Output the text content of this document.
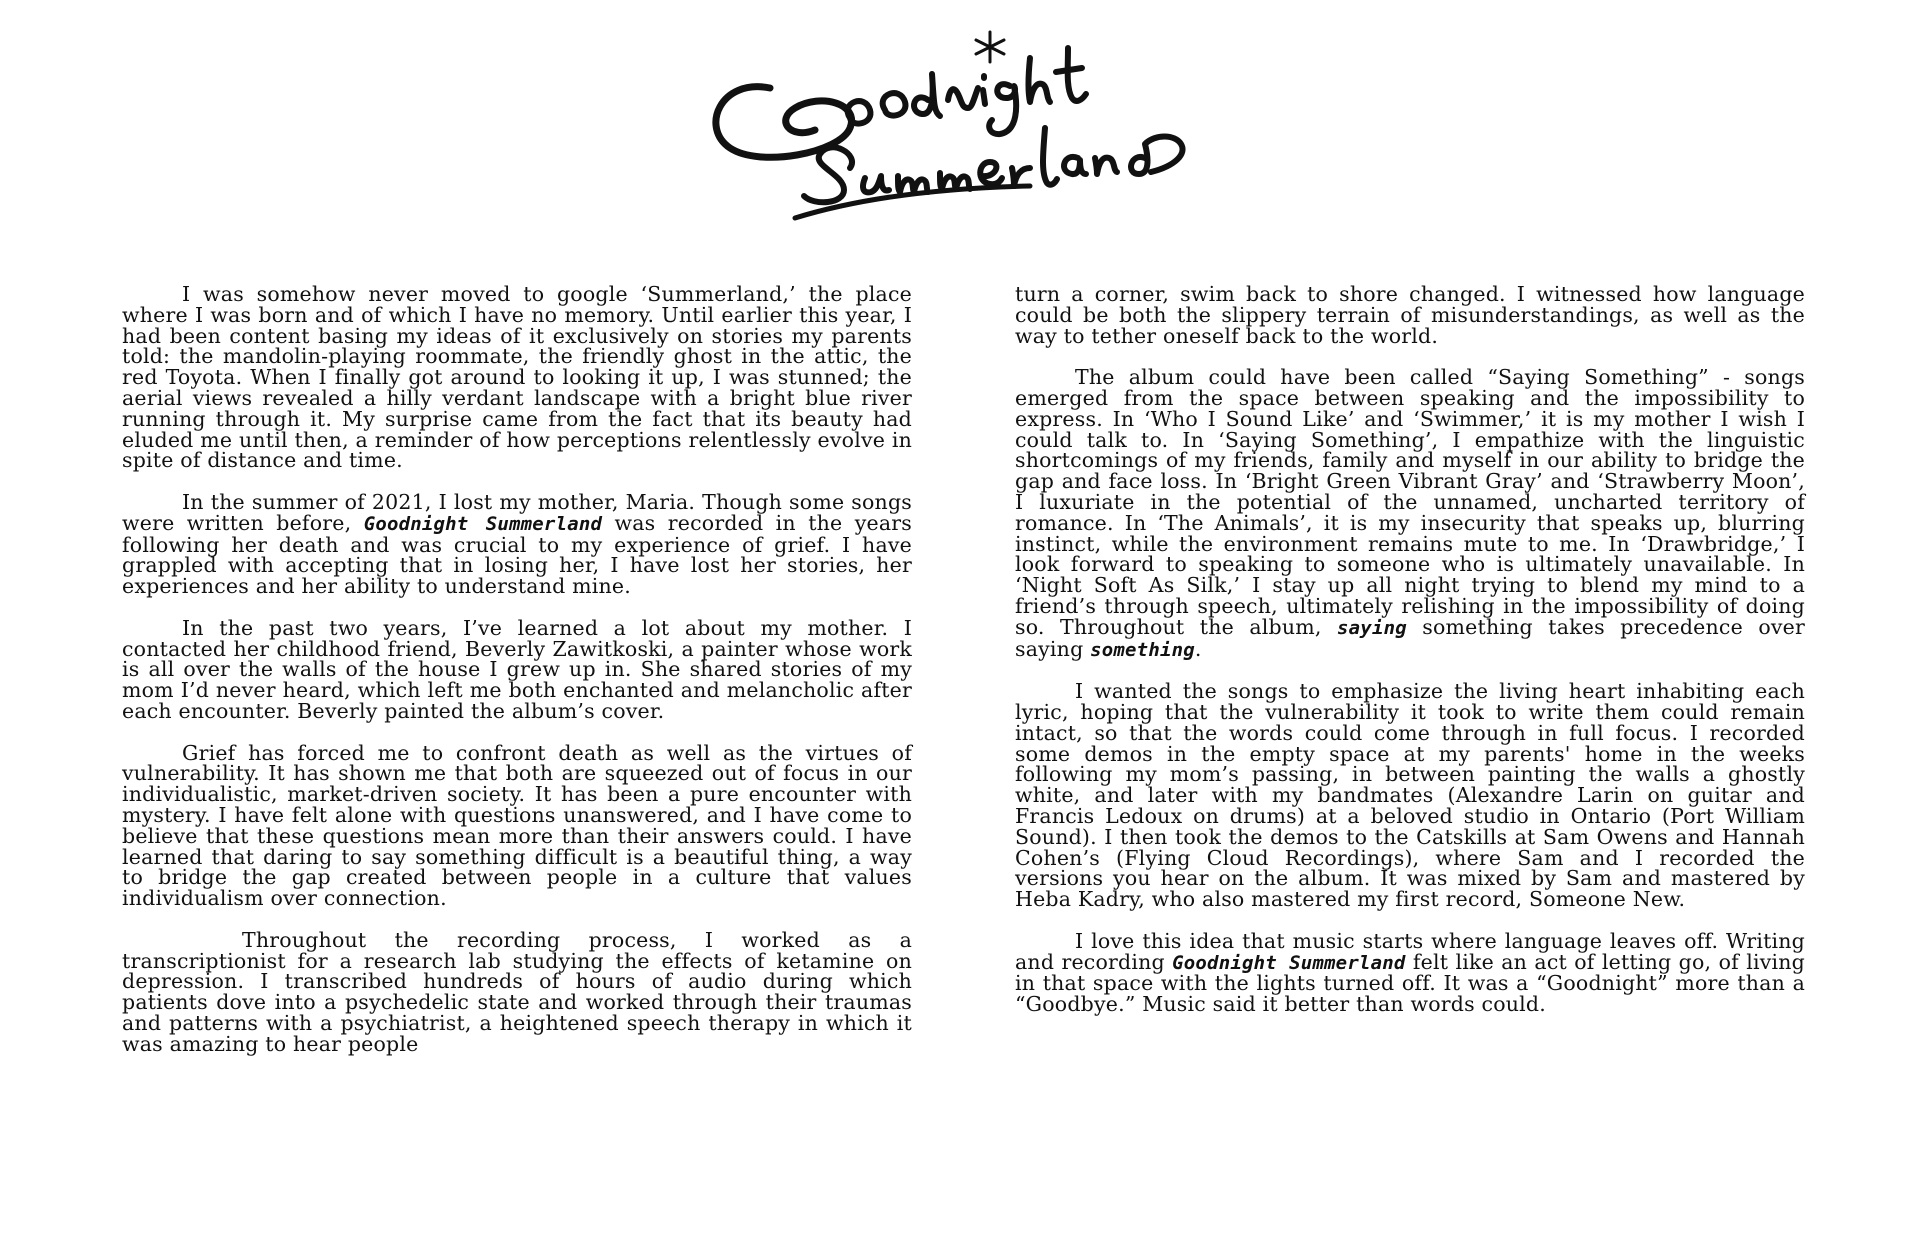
I was somehow never moved to google ‘Summerland,’ the place where I was born and of which I have no memory. Until earlier this year, I had been content basing my ideas of it exclusively on stories my parents told: the mandolin-playing roommate, the friendly ghost in the attic, the red Toyota. When I finally got around to looking it up, I was stunned; the aerial views revealed a hilly verdant landscape with a bright blue river running through it. My surprise came from the fact that its beauty had eluded me until then, a reminder of how perceptions relentlessly evolve in spite of distance and time.

In the summer of 2021, I lost my mother, Maria. Though some songs were written before, Goodnight Summerland was recorded in the years following her death and was crucial to my experience of grief. I have grappled with accepting that in losing her, I have lost her stories, her experiences and her ability to understand mine.

In the past two years, I’ve learned a lot about my mother. I contacted her childhood friend, Beverly Zawitkoski, a painter whose work is all over the walls of the house I grew up in. She shared stories of my mom I’d never heard, which left me both enchanted and melancholic after each encounter. Beverly painted the album’s cover.

Grief has forced me to confront death as well as the virtues of vulnerability. It has shown me that both are squeezed out of focus in our individualistic, market-driven society. It has been a pure encounter with mystery. I have felt alone with questions unanswered, and I have come to believe that these questions mean more than their answers could. I have learned that daring to say something difficult is a beautiful thing, a way to bridge the gap created between people in a culture that values individualism over connection.

Throughout the recording process, I worked as a transcriptionist for a research lab studying the effects of ketamine on depression. I transcribed hundreds of hours of audio during which patients dove into a psychedelic state and worked through their traumas and patterns with a psychiatrist, a heightened speech therapy in which it was amazing to hear people

turn a corner, swim back to shore changed. I witnessed how language could be both the slippery terrain of misunderstandings, as well as the way to tether oneself back to the world.

The album could have been called “Saying Something” - songs emerged from the space between speaking and the impossibility to express. In ‘Who I Sound Like’ and ‘Swimmer,’ it is my mother I wish I could talk to. In ‘Saying Something’, I empathize with the linguistic shortcomings of my friends, family and myself in our ability to bridge the gap and face loss. In ‘Bright Green Vibrant Gray’ and ‘Strawberry Moon’, I luxuriate in the potential of the unnamed, uncharted territory of romance. In ‘The Animals’, it is my insecurity that speaks up, blurring instinct, while the environment remains mute to me. In ‘Drawbridge,’ I look forward to speaking to someone who is ultimately unavailable. In ‘Night Soft As Silk,’ I stay up all night trying to blend my mind to a friend’s through speech, ultimately relishing in the impossibility of doing so. Throughout the album, saying something takes precedence over saying something.

I wanted the songs to emphasize the living heart inhabiting each lyric, hoping that the vulnerability it took to write them could remain intact, so that the words could come through in full focus. I recorded some demos in the empty space at my parents' home in the weeks following my mom’s passing, in between painting the walls a ghostly white, and later with my bandmates (Alexandre Larin on guitar and Francis Ledoux on drums) at a beloved studio in Ontario (Port William Sound). I then took the demos to the Catskills at Sam Owens and Hannah Cohen’s (Flying Cloud Recordings), where Sam and I recorded the versions you hear on the album. It was mixed by Sam and mastered by Heba Kadry, who also mastered my first record, Someone New.

I love this idea that music starts where language leaves off. Writing and recording Goodnight Summerland felt like an act of letting go, of living in that space with the lights turned off. It was a “Goodnight” more than a “Goodbye.” Music said it better than words could.
